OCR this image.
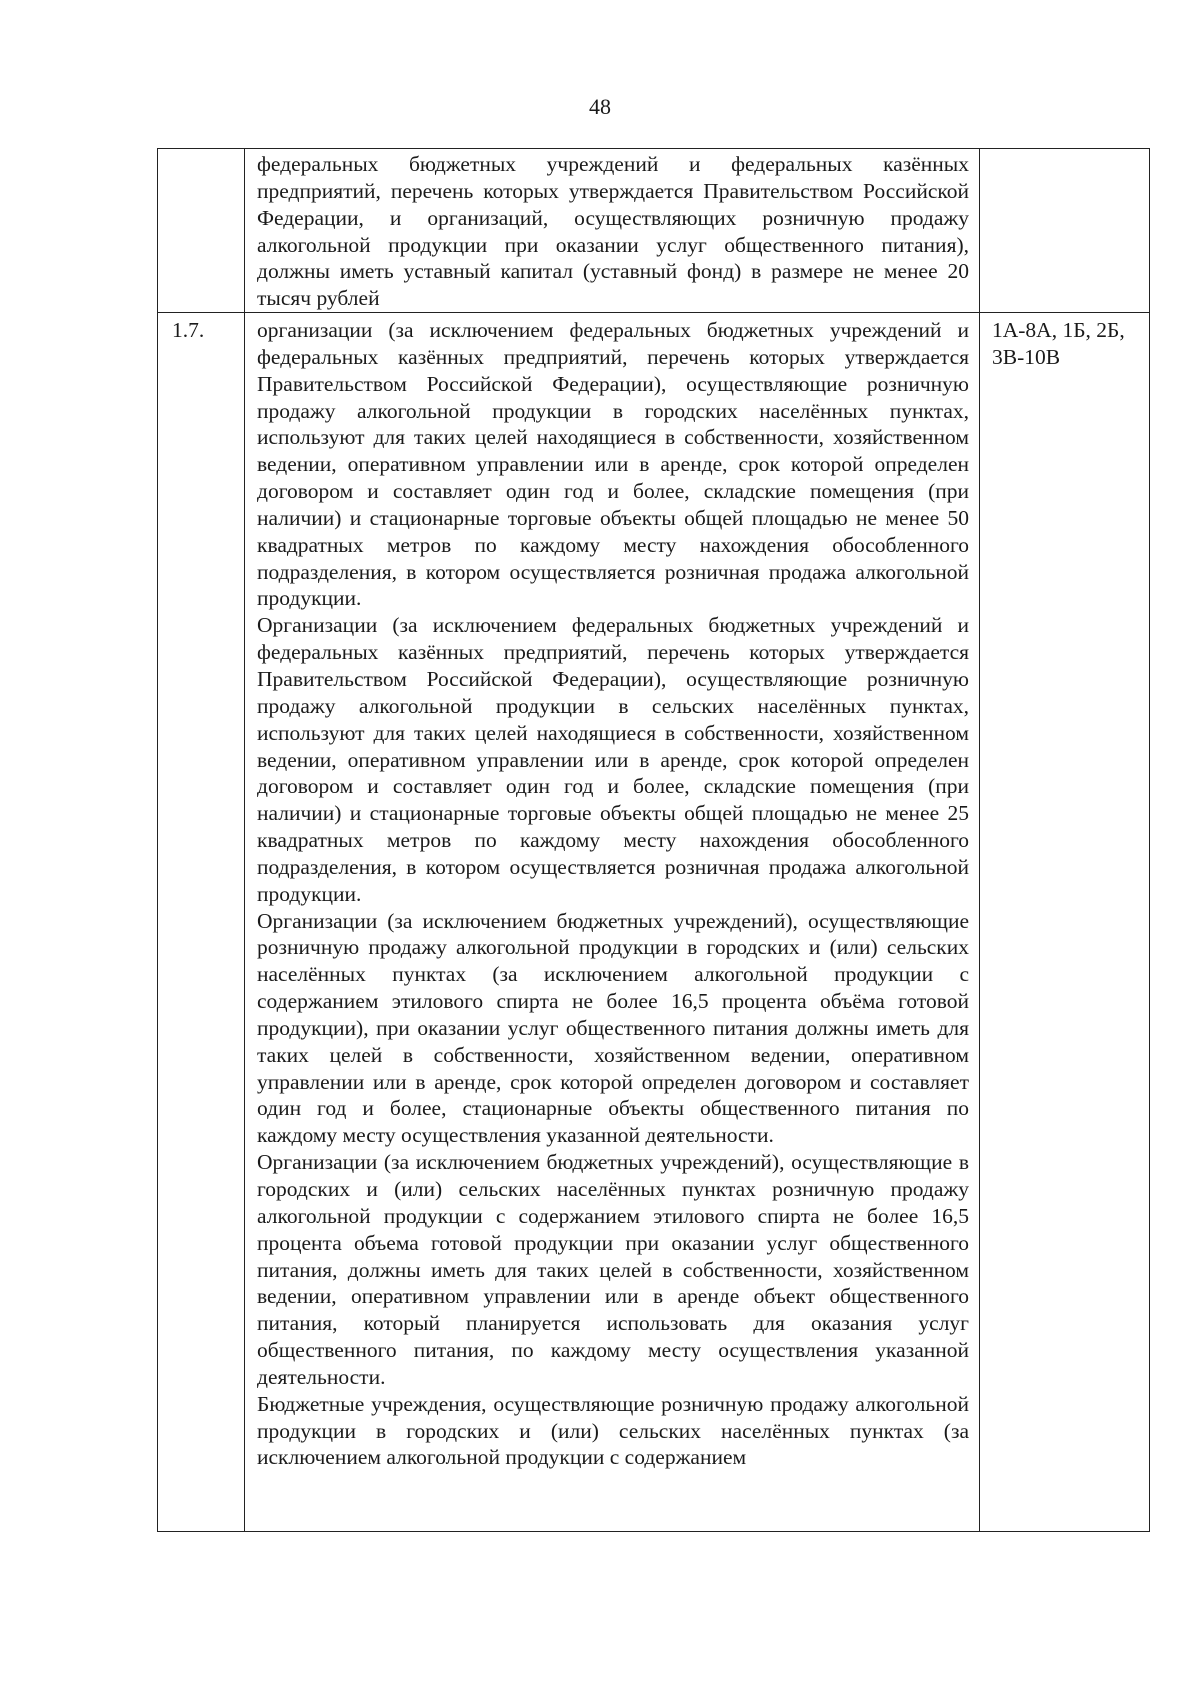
48

федеральных бюджетных учреждений и федеральных казённых предприятий, перечень которых утверждается Правительством Российской Федерации, и организаций, осуществляющих розничную продажу алкогольной продукции при оказании услуг общественного питания), должны иметь уставный капитал (уставный фонд) в размере не менее 20 тысяч рублей

1.7. организации (за исключением федеральных бюджетных учреждений и федеральных казённых предприятий, перечень которых утверждается Правительством Российской Федерации), осуществляющие розничную продажу алкогольной продукции в городских населённых пунктах, используют для таких целей находящиеся в собственности, хозяйственном ведении, оперативном управлении или в аренде, срок которой определен договором и составляет один год и более, складские помещения (при наличии) и стационарные торговые объекты общей площадью не менее 50 квадратных метров по каждому месту нахождения обособленного подразделения, в котором осуществляется розничная продажа алкогольной продукции.

Организации (за исключением федеральных бюджетных учреждений и федеральных казённых предприятий, перечень которых утверждается Правительством Российской Федерации), осуществляющие розничную продажу алкогольной продукции в сельских населённых пунктах, используют для таких целей находящиеся в собственности, хозяйственном ведении, оперативном управлении или в аренде, срок которой определен договором и составляет один год и более, складские помещения (при наличии) и стационарные торговые объекты общей площадью не менее 25 квадратных метров по каждому месту нахождения обособленного подразделения, в котором осуществляется розничная продажа алкогольной продукции.

Организации (за исключением бюджетных учреждений), осуществляющие розничную продажу алкогольной продукции в городских и (или) сельских населённых пунктах (за исключением алкогольной продукции с содержанием этилового спирта не более 16,5 процента объёма готовой продукции), при оказании услуг общественного питания должны иметь для таких целей в собственности, хозяйственном ведении, оперативном управлении или в аренде, срок которой определен договором и составляет один год и более, стационарные объекты общественного питания по каждому месту осуществления указанной деятельности.

Организации (за исключением бюджетных учреждений), осуществляющие в городских и (или) сельских населённых пунктах розничную продажу алкогольной продукции с содержанием этилового спирта не более 16,5 процента объема готовой продукции при оказании услуг общественного питания, должны иметь для таких целей в собственности, хозяйственном ведении, оперативном управлении или в аренде объект общественного питания, который планируется использовать для оказания услуг общественного питания, по каждому месту осуществления указанной деятельности.

Бюджетные учреждения, осуществляющие розничную продажу алкогольной продукции в городских и (или) сельских населённых пунктах (за исключением алкогольной продукции с содержанием

1А-8А, 1Б, 2Б, 3В-10В
